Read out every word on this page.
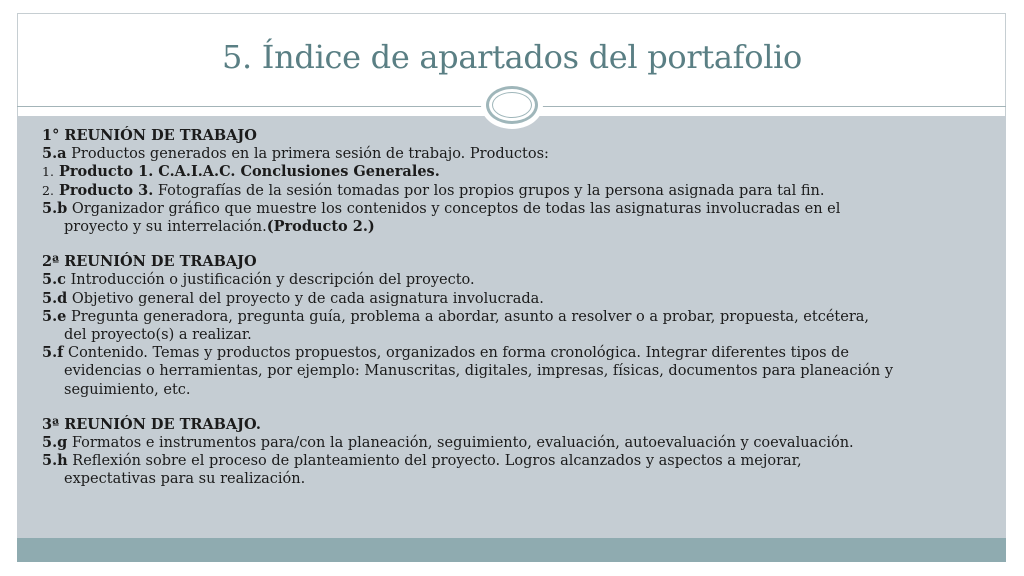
5. Índice de apartados del portafolio

1° REUNIÓN DE TRABAJO

5.a Productos generados en la primera sesión de trabajo. Productos:

1. Producto 1. C.A.I.A.C. Conclusiones Generales.

2. Producto 3. Fotografías de la sesión tomadas por los propios grupos y la persona asignada para tal fin.

5.b Organizador gráfico que muestre los contenidos y conceptos de todas las asignaturas involucradas en el
proyecto y su interrelación.(Producto 2.)

2ª REUNIÓN DE TRABAJO

5.c Introducción o justificación y descripción del proyecto.

5.d Objetivo general del proyecto y de cada asignatura involucrada.

5.e Pregunta generadora, pregunta guía, problema a abordar, asunto a resolver o a probar, propuesta, etcétera,
del proyecto(s) a realizar.

5.f Contenido. Temas y productos propuestos, organizados en forma cronológica. Integrar diferentes tipos de
evidencias o herramientas, por ejemplo: Manuscritas, digitales, impresas, físicas, documentos para planeación y
seguimiento, etc.

3ª REUNIÓN DE TRABAJO.

5.g Formatos e instrumentos para/con la planeación, seguimiento, evaluación, autoevaluación y coevaluación.

5.h Reflexión sobre el proceso de planteamiento del proyecto. Logros alcanzados y aspectos a mejorar,
expectativas para su realización.
